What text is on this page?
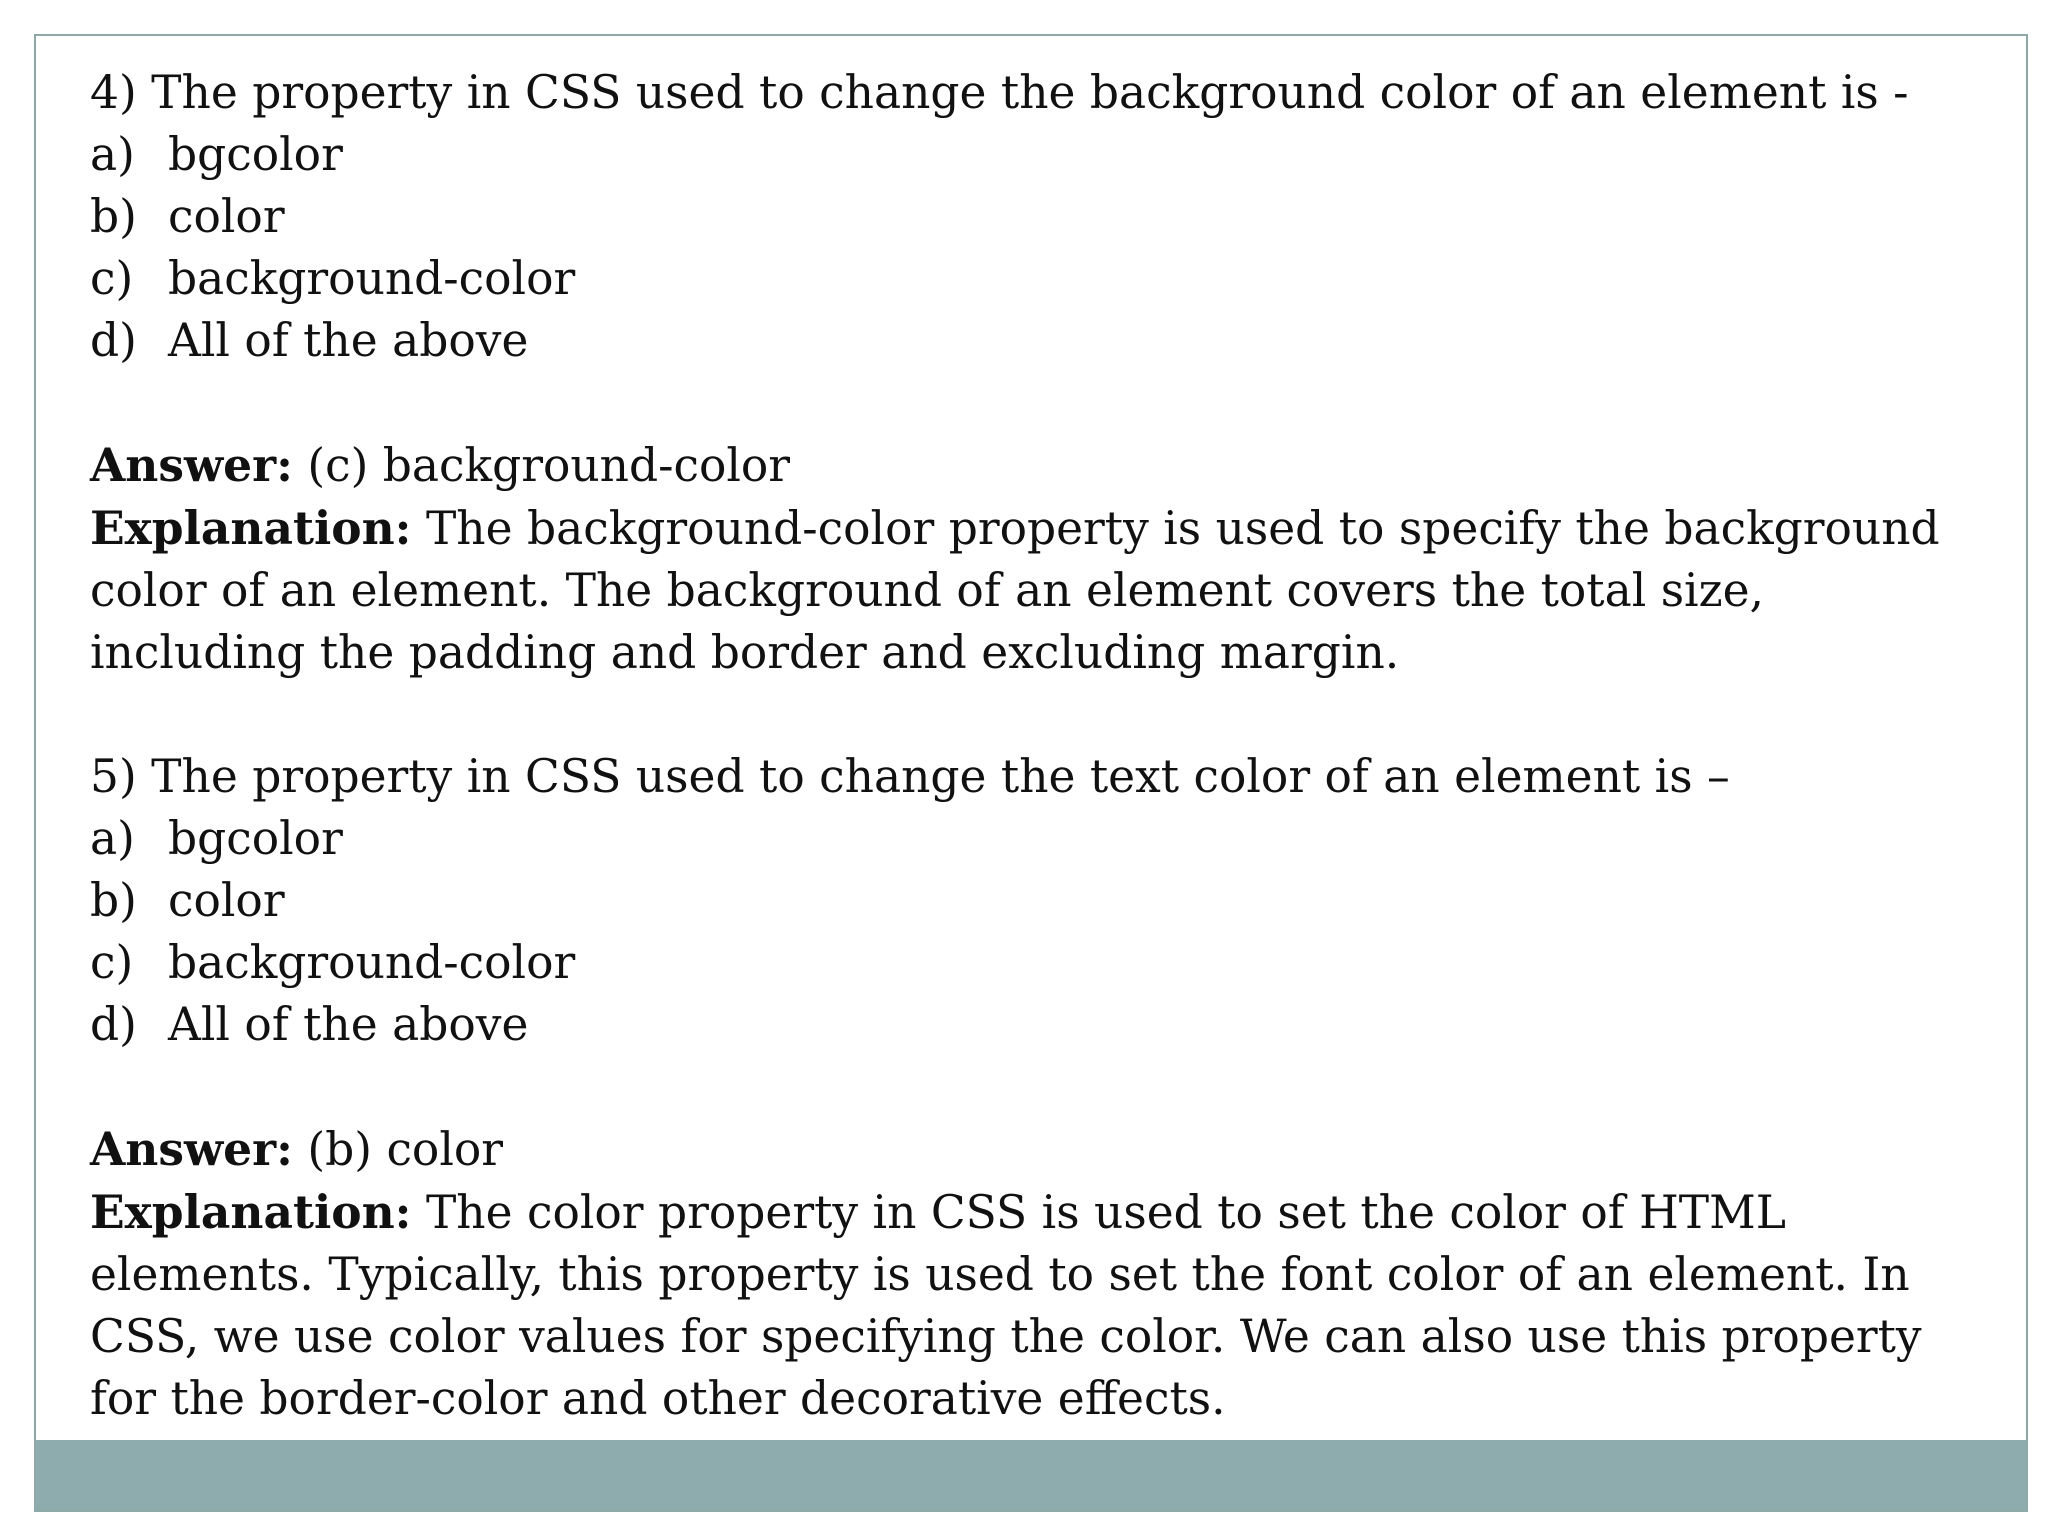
4) The property in CSS used to change the background color of an element is -
a) bgcolor
b) color
c) background-color
d) All of the above
Answer: (c) background-color
Explanation: The background-color property is used to specify the background color of an element. The background of an element covers the total size, including the padding and border and excluding margin.
5) The property in CSS used to change the text color of an element is –
a) bgcolor
b) color
c) background-color
d) All of the above
Answer: (b) color
Explanation: The color property in CSS is used to set the color of HTML elements. Typically, this property is used to set the font color of an element. In CSS, we use color values for specifying the color. We can also use this property for the border-color and other decorative effects.
